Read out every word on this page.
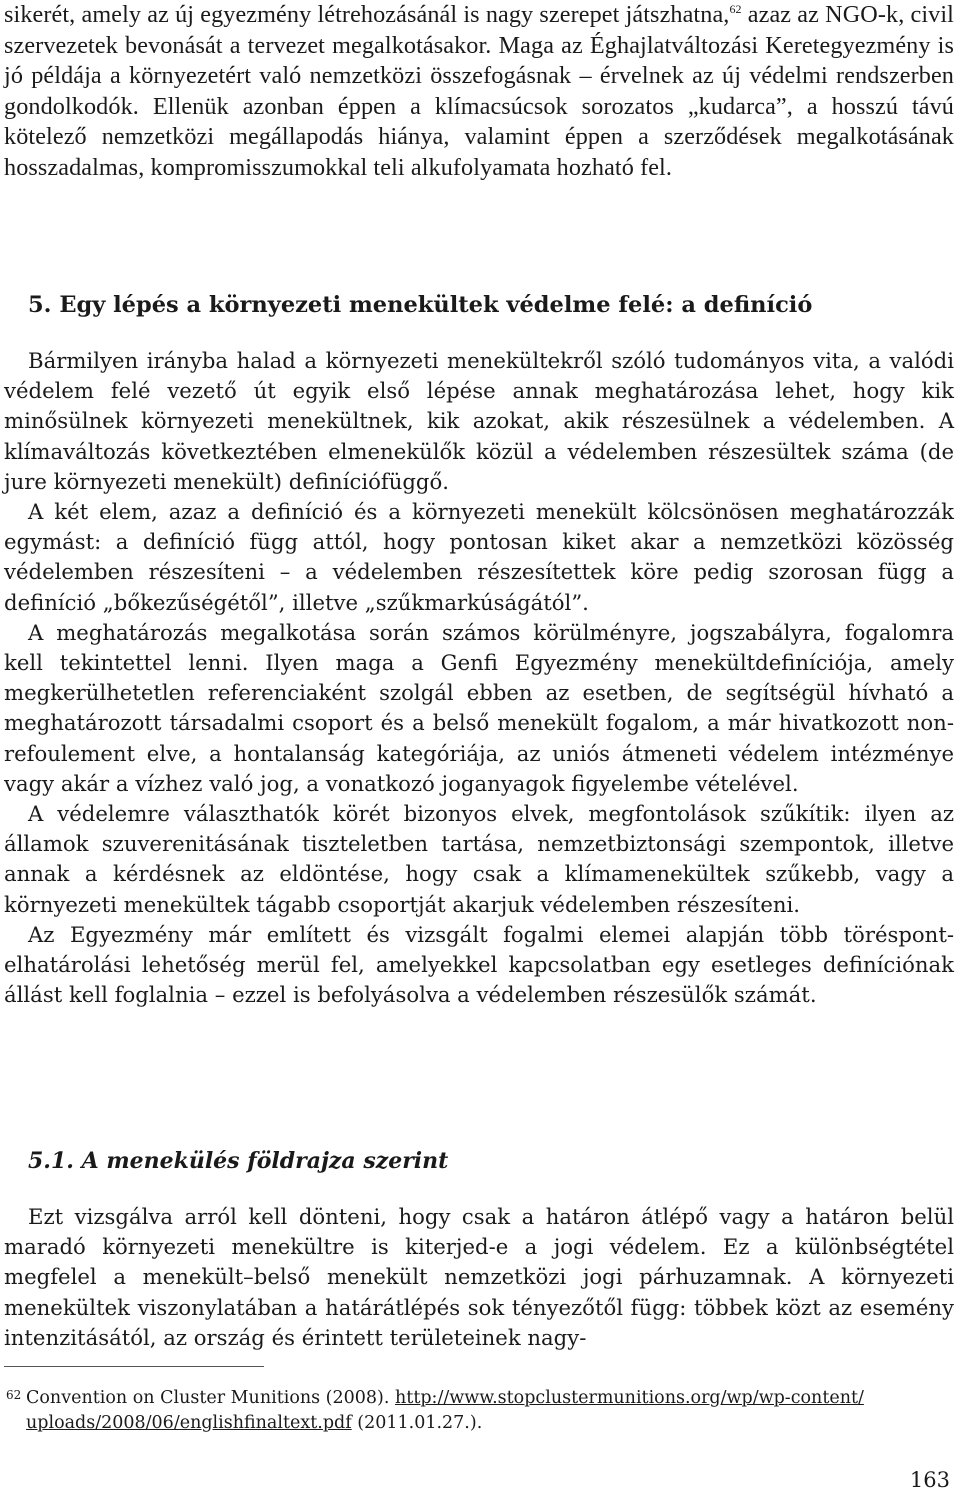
sikerét, amely az új egyezmény létrehozásánál is nagy szerepet játszhatna,$^{62}$ azaz az NGO-k, civil szervezetek bevonását a tervezet megalkotásakor. Maga az Éghajlatváltozási Keretegyezmény is jó példája a környezetért való nemzetközi összefogásnak – érvelnek az új védelmi rendszerben gondolkodók. Ellenük azonban éppen a klímacsúcsok sorozatos „kudarca”, a hosszú távú kötelező nemzetközi megállapodás hiánya, valamint éppen a szerződések megalkotásának hosszadalmas, kompromisszumokkal teli alkufolyamata hozható fel.

5. Egy lépés a környezeti menekültek védelme felé: a definíció

Bármilyen irányba halad a környezeti menekültekről szóló tudományos vita, a valódi védelem felé vezető út egyik első lépése annak meghatározása lehet, hogy kik minősülnek környezeti menekültnek, kik azokat, akik részesülnek a védelemben. A klímaváltozás következtében elmenekülők közül a védelemben részesültek száma (de jure környezeti menekült) definíciófüggő.

A két elem, azaz a definíció és a környezeti menekült kölcsönösen meghatározzák egymást: a definíció függ attól, hogy pontosan kiket akar a nemzetközi közösség védelemben részesíteni – a védelemben részesítettek köre pedig szorosan függ a definíció „bőkezűségétől”, illetve „szűkmarkúságától”.

A meghatározás megalkotása során számos körülményre, jogszabályra, fogalomra kell tekintettel lenni. Ilyen maga a Genfi Egyezmény menekültdefiníciója, amely megkerülhetetlen referenciaként szolgál ebben az esetben, de segítségül hívható a meghatározott társadalmi csoport és a belső menekült fogalom, a már hivatkozott non-refoulement elve, a hontalanság kategóriája, az uniós átmeneti védelem intézménye vagy akár a vízhez való jog, a vonatkozó joganyagok figyelembe vételével.

A védelemre választhatók körét bizonyos elvek, megfontolások szűkítik: ilyen az államok szuverenitásának tiszteletben tartása, nemzetbiztonsági szempontok, illetve annak a kérdésnek az eldöntése, hogy csak a klímamenekültek szűkebb, vagy a környezeti menekültek tágabb csoportját akarjuk védelemben részesíteni.

Az Egyezmény már említett és vizsgált fogalmi elemei alapján több töréspont-elhatárolási lehetőség merül fel, amelyekkel kapcsolatban egy esetleges definíciónak állást kell foglalnia – ezzel is befolyásolva a védelemben részesülők számát.

5.1. A menekülés földrajza szerint

Ezt vizsgálva arról kell dönteni, hogy csak a határon átlépő vagy a határon belül maradó környezeti menekültre is kiterjed-e a jogi védelem. Ez a különbségtétel megfelel a menekült–belső menekült nemzetközi jogi párhuzamnak. A környezeti menekültek viszonylatában a határátlépés sok tényezőtől függ: többek közt az esemény intenzitásától, az ország és érintett területeinek nagy-

62 Convention on Cluster Munitions (2008). http://www.stopclustermunitions.org/wp/wp-content/
uploads/2008/06/englishfinaltext.pdf (2011.01.27.).
163
